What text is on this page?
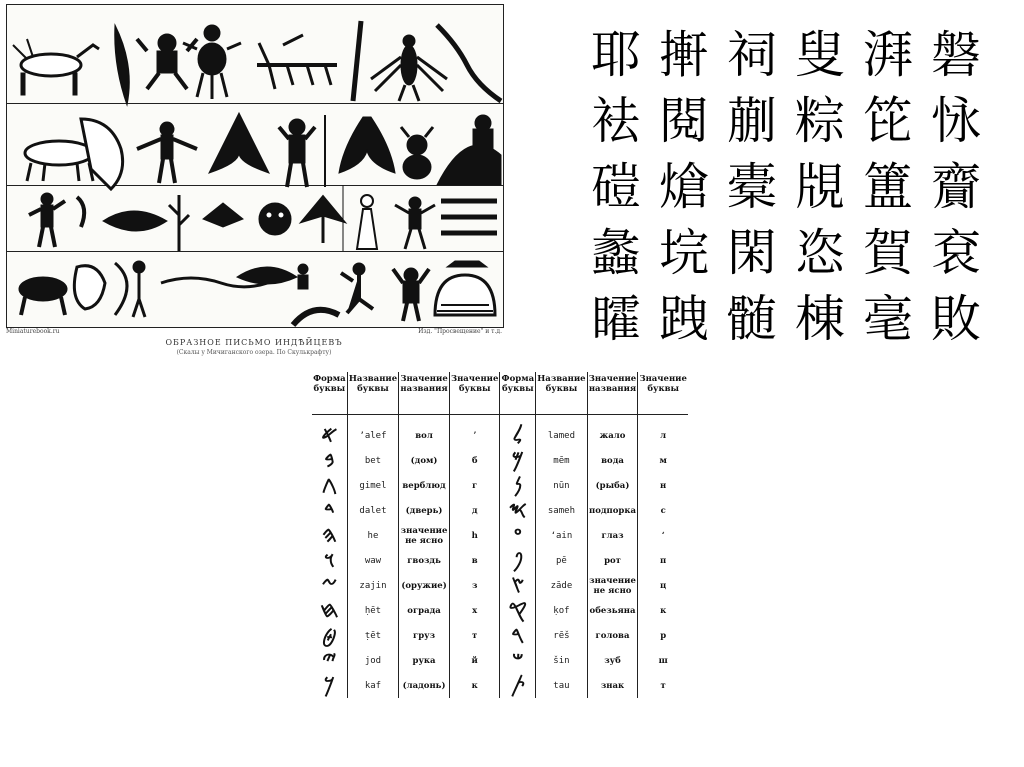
Miniaturebook.ru	Изд. "Просвещение" и т.д.
ОБРАЗНОЕ ПИСЬМО ИНДѢЙЦЕВЪ
(Скалы у Мичиганского озера. По Скулькрафту)
耶 搟 祠 叟 湃 磐
袪 閱 蒯 粽 笓 怺
磑 熗 橐 覑 簠 齎
蠡 垸 閑 恣 賀 袞
矐 跩 髄 棟 毫 敗
Форма буквы	Название буквы	Значение названия	Значение буквы	Форма буквы	Название буквы	Значение названия	Значение буквы

𐤀	ʼalef	вол	ʼ	𐤋	lamed	жало	л
𐤁	bet	(дом)	б	𐤌	mēm	вода	м
𐤂	gimel	верблюд	г	𐤍	nūn	(рыба)	н
𐤃	dalet	(дверь)	д	𐤎	sameh	подпорка	с
𐤄	he	значение не ясно	h	𐤏	ʻain	глаз	ʻ
𐤅	waw	гвоздь	в	𐤐	pē	рот	п
𐤆	zajin	(оружие)	з	𐤑	zāde	значение не ясно	ц
𐤇	ḥēt	ограда	х	𐤒	ḳof	обезьяна	к
𐤈	ṭēt	груз	т	𐤓	rēš	голова	р
𐤉	jod	рука	й	𐤔	šin	зуб	ш
𐤊	kaf	(ладонь)	к	𐤕	tau	знак	т
